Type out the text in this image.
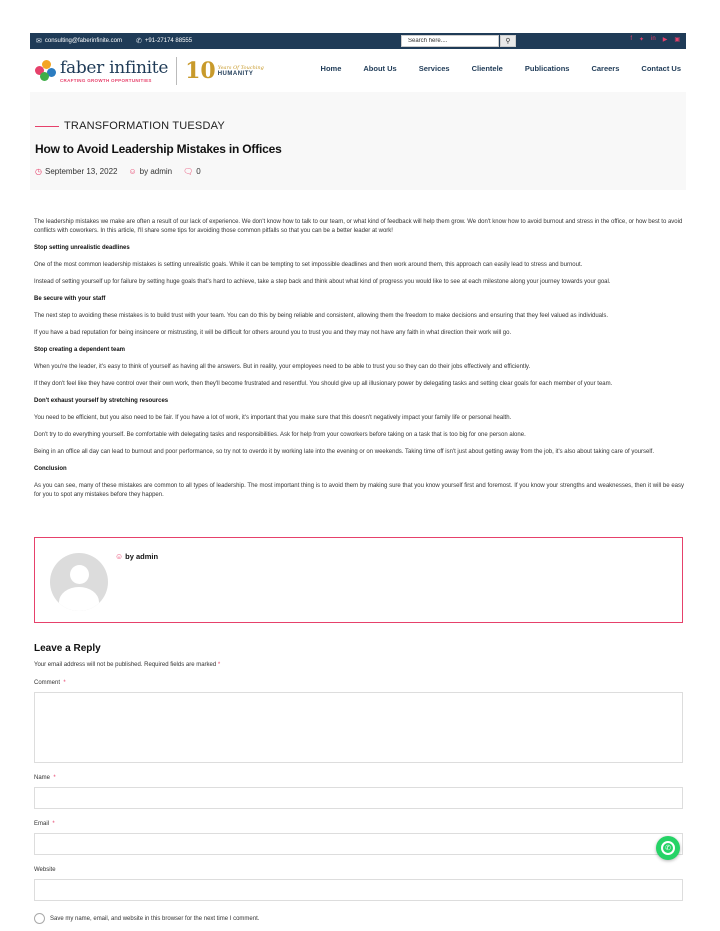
✉ consulting@faberinfinite.com ✆ +91-27174 88555
Search here....	⚲	f ✦ in ▶ ▣
faber infinite
CRAFTING GROWTH OPPORTUNITIES	10 Years Of Touching
HUMANITY
Home	About Us	Services	Clientele	Publications	Careers	Contact Us
TRANSFORMATION TUESDAY
How to Avoid Leadership Mistakes in Offices
◷ September 13, 2022 ☺ by admin 🗨 0

The leadership mistakes we make are often a result of our lack of experience. We don't know how to talk to our team, or what kind of feedback will help them grow. We don't know how to avoid burnout and stress in the office, or how best to avoid conflicts with coworkers. In this article, I'll share some tips for avoiding those common pitfalls so that you can be a better leader at work!

Stop setting unrealistic deadlines

One of the most common leadership mistakes is setting unrealistic goals. While it can be tempting to set impossible deadlines and then work around them, this approach can easily lead to stress and burnout.

Instead of setting yourself up for failure by setting huge goals that's hard to achieve, take a step back and think about what kind of progress you would like to see at each milestone along your journey towards your goal.

Be secure with your staff

The next step to avoiding these mistakes is to build trust with your team. You can do this by being reliable and consistent, allowing them the freedom to make decisions and ensuring that they feel valued as individuals.

If you have a bad reputation for being insincere or mistrusting, it will be difficult for others around you to trust you and they may not have any faith in what direction their work will go.

Stop creating a dependent team

When you're the leader, it's easy to think of yourself as having all the answers. But in reality, your employees need to be able to trust you so they can do their jobs effectively and efficiently.

If they don't feel like they have control over their own work, then they'll become frustrated and resentful. You should give up all illusionary power by delegating tasks and setting clear goals for each member of your team.

Don't exhaust yourself by stretching resources

You need to be efficient, but you also need to be fair. If you have a lot of work, it's important that you make sure that this doesn't negatively impact your family life or personal health.

Don't try to do everything yourself. Be comfortable with delegating tasks and responsibilities. Ask for help from your coworkers before taking on a task that is too big for one person alone.

Being in an office all day can lead to burnout and poor performance, so try not to overdo it by working late into the evening or on weekends. Taking time off isn't just about getting away from the job, it's also about taking care of yourself.

Conclusion

As you can see, many of these mistakes are common to all types of leadership. The most important thing is to avoid them by making sure that you know yourself first and foremost. If you know your strengths and weaknesses, then it will be easy for you to spot any mistakes before they happen.

☺ by admin
Leave a Reply

Your email address will not be published. Required fields are marked *

Comment *
Name *
Email *
Website
Save my name, email, and website in this browser for the next time I comment.
✆
